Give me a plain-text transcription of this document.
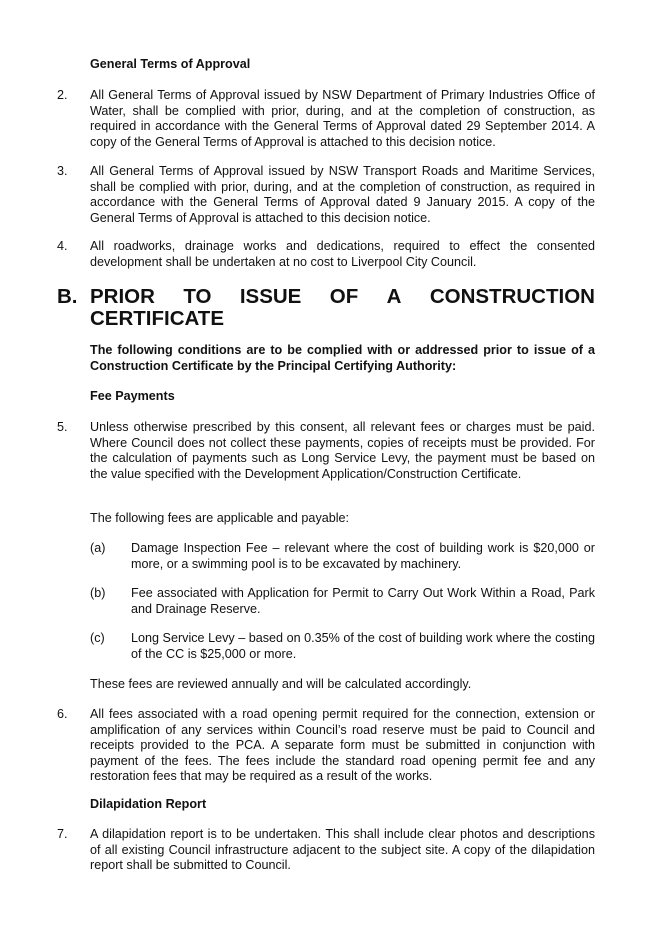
General Terms of Approval
2.	All General Terms of Approval issued by NSW Department of Primary Industries Office of Water, shall be complied with prior, during, and at the completion of construction, as required in accordance with the General Terms of Approval dated 29 September 2014. A copy of the General Terms of Approval is attached to this decision notice.
3.	All General Terms of Approval issued by NSW Transport Roads and Maritime Services, shall be complied with prior, during, and at the completion of construction, as required in accordance with the General Terms of Approval dated 9 January 2015. A copy of the General Terms of Approval is attached to this decision notice.
4.	All roadworks, drainage works and dedications, required to effect the consented development shall be undertaken at no cost to Liverpool City Council.
B. PRIOR TO ISSUE OF A CONSTRUCTION
CERTIFICATE
The following conditions are to be complied with or addressed prior to issue of a Construction Certificate by the Principal Certifying Authority:
Fee Payments
5.	Unless otherwise prescribed by this consent, all relevant fees or charges must be paid. Where Council does not collect these payments, copies of receipts must be provided. For the calculation of payments such as Long Service Levy, the payment must be based on the value specified with the Development Application/Construction Certificate.
The following fees are applicable and payable:
(a)	Damage Inspection Fee – relevant where the cost of building work is $20,000 or more, or a swimming pool is to be excavated by machinery.
(b)	Fee associated with Application for Permit to Carry Out Work Within a Road, Park and Drainage Reserve.
(c)	Long Service Levy – based on 0.35% of the cost of building work where the costing of the CC is $25,000 or more.
These fees are reviewed annually and will be calculated accordingly.
6.	All fees associated with a road opening permit required for the connection, extension or amplification of any services within Council’s road reserve must be paid to Council and receipts provided to the PCA. A separate form must be submitted in conjunction with payment of the fees. The fees include the standard road opening permit fee and any restoration fees that may be required as a result of the works.
Dilapidation Report
7.	A dilapidation report is to be undertaken. This shall include clear photos and descriptions of all existing Council infrastructure adjacent to the subject site. A copy of the dilapidation report shall be submitted to Council.
